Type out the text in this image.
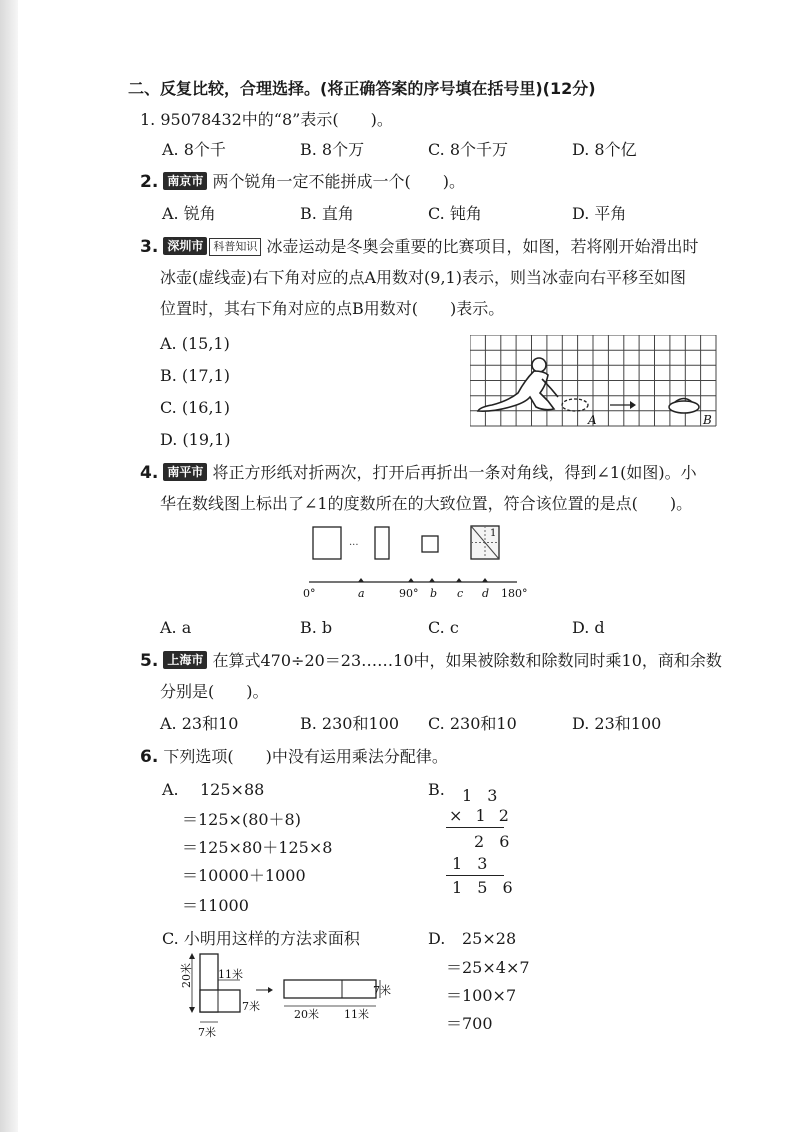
二、反复比较，合理选择。(将正确答案的序号填在括号里)(12分)
1. 95078432中的“8”表示(　　)。
A. 8个千	B. 8个万	C. 8个千万	D. 8个亿
2. 南京市 两个锐角一定不能拼成一个(　　)。
A. 锐角	B. 直角	C. 钝角	D. 平角
3. 深圳市 科普知识 冰壶运动是冬奥会重要的比赛项目，如图，若将刚开始滑出时
冰壶(虚线壶)右下角对应的点A用数对(9,1)表示，则当冰壶向右平移至如图
位置时，其右下角对应的点B用数对(　　)表示。
A. (15,1)
B. (17,1)
C. (16,1)
D. (19,1)
A	B
4. 南平市 将正方形纸对折两次，打开后再折出一条对角线，得到∠1(如图)。小
华在数线图上标出了∠1的度数所在的大致位置，符合该位置的是点(　　)。
···
1
0°	a	90° b c d 180°
A. a	B. b	C. c	D. d
5. 上海市 在算式470÷20＝23……10中，如果被除数和除数同时乘10，商和余数
分别是(　　)。
A. 23和10	B. 230和100 C. 230和10	D. 23和100
6. 下列选项(　　)中没有运用乘法分配律。
A. 125×88
＝125×(80＋8)
＝125×80＋125×8
＝10000＋1000
＝11000
B. 1 3
× 1 2
2 6
1 3
1 5 6
C. 小明用这样的方法求面积
20米 11米
7米
7米
7米
20米 11米
D. 25×28
＝25×4×7
＝100×7
＝700
